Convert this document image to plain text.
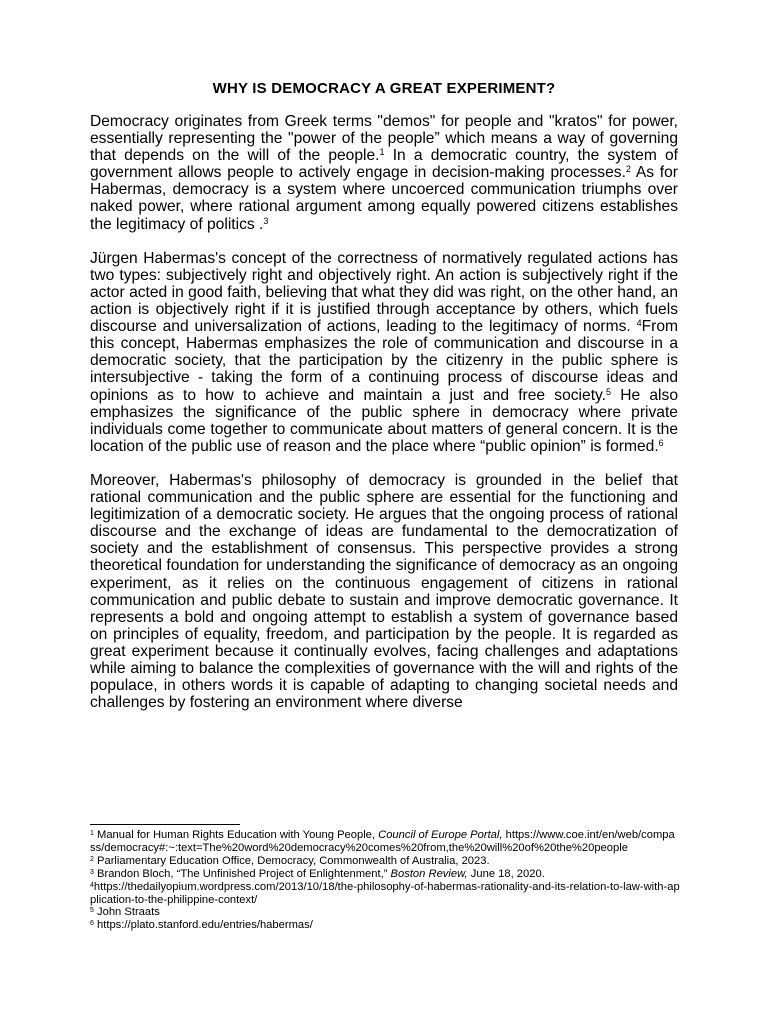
WHY IS DEMOCRACY A GREAT EXPERIMENT?

Democracy originates from Greek terms "demos" for people and "kratos" for power, essentially representing the "power of the people” which means a way of governing that depends on the will of the people.$^1$ In a democratic country, the system of government allows people to actively engage in decision-making processes.$^2$ As for Habermas, democracy is a system where uncoerced communication triumphs over naked power, where rational argument among equally powered citizens establishes the legitimacy of politics .$^3$

Jürgen Habermas's concept of the correctness of normatively regulated actions has two types: subjectively right and objectively right. An action is subjectively right if the actor acted in good faith, believing that what they did was right, on the other hand, an action is objectively right if it is justified through acceptance by others, which fuels discourse and universalization of actions, leading to the legitimacy of norms. $^4$From this concept, Habermas emphasizes the role of communication and discourse in a democratic society, that the participation by the citizenry in the public sphere is intersubjective - taking the form of a continuing process of discourse ideas and opinions as to how to achieve and maintain a just and free society.$^5$ He also emphasizes the significance of the public sphere in democracy where private individuals come together to communicate about matters of general concern. It is the location of the public use of reason and the place where “public opinion” is formed.$^6$

Moreover, Habermas's philosophy of democracy is grounded in the belief that rational communication and the public sphere are essential for the functioning and legitimization of a democratic society. He argues that the ongoing process of rational discourse and the exchange of ideas are fundamental to the democratization of society and the establishment of consensus. This perspective provides a strong theoretical foundation for understanding the significance of democracy as an ongoing experiment, as it relies on the continuous engagement of citizens in rational communication and public debate to sustain and improve democratic governance. It represents a bold and ongoing attempt to establish a system of governance based on principles of equality, freedom, and participation by the people. It is regarded as great experiment because it continually evolves, facing challenges and adaptations while aiming to balance the complexities of governance with the will and rights of the populace, in others words it is capable of adapting to changing societal needs and challenges by fostering an environment where diverse

$^1$ Manual for Human Rights Education with Young People, Council of Europe Portal, https://www.coe.int/en/web/compass/democracy#:~:text=The%20word%20democracy%20comes%20from,the%20will%20of%20the%20people
$^2$ Parliamentary Education Office, Democracy, Commonwealth of Australia, 2023.
$^3$ Brandon Bloch, “The Unfinished Project of Enlightenment,” Boston Review, June 18, 2020.
$^4$https://thedailyopium.wordpress.com/2013/10/18/the-philosophy-of-habermas-rationality-and-its-relation-to-law-with-application-to-the-philippine-context/
$^5$ John Straats
$^6$ https://plato.stanford.edu/entries/habermas/
